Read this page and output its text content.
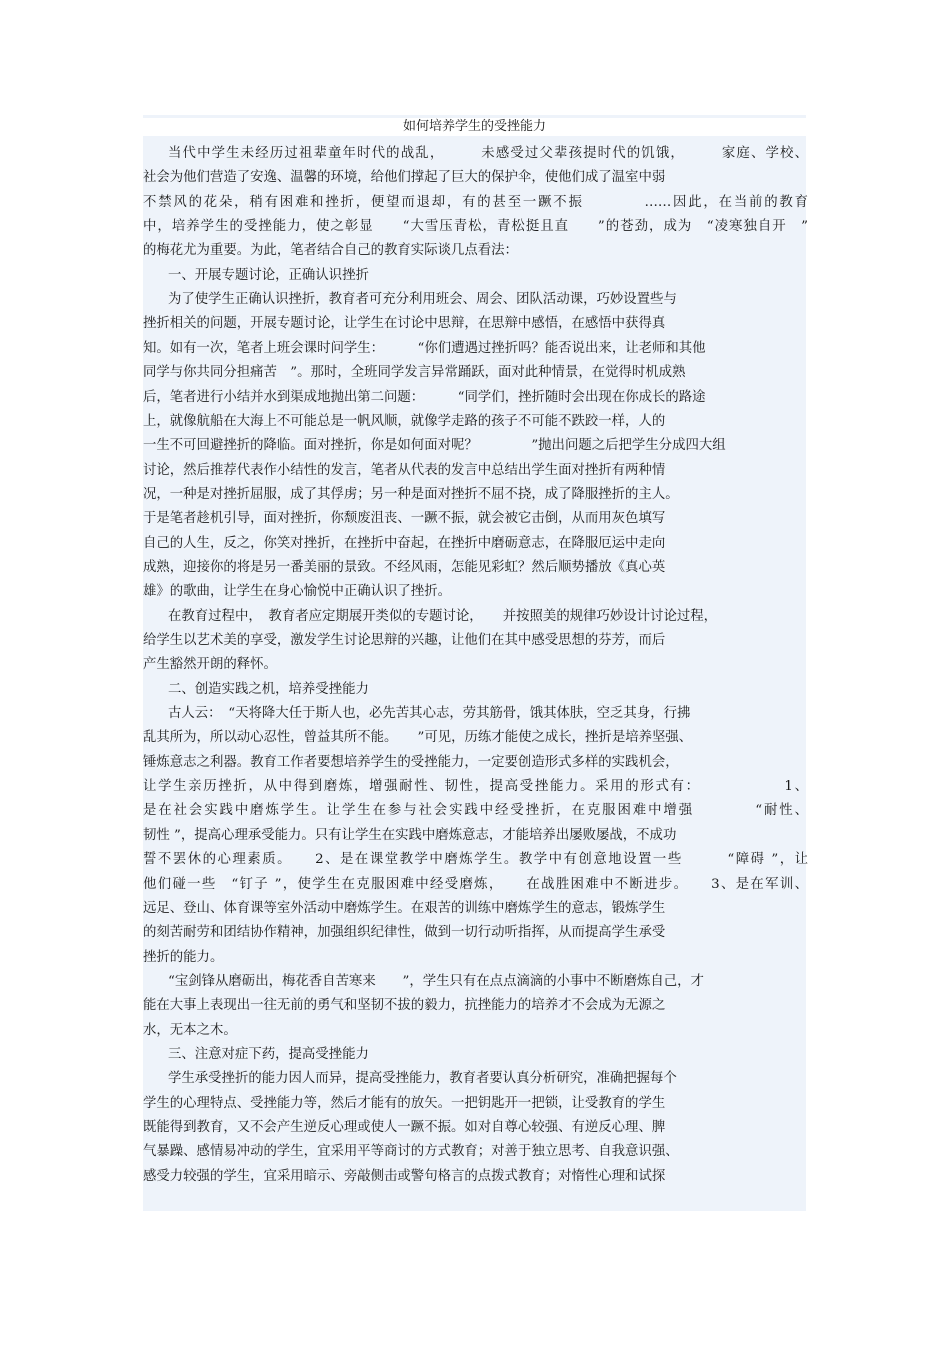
如何培养学生的受挫能力
当代中学生未经历过祖辈童年时代的战乱，　　　未感受过父辈孩提时代的饥饿，　　　家庭、学校、
社会为他们营造了安逸、温馨的环境，给他们撑起了巨大的保护伞，使他们成了温室中弱
不禁风的花朵，稍有困难和挫折，便望而退却，有的甚至一蹶不振　　　　……因此，在当前的教育
中，培养学生的受挫能力，使之彰显　　“大雪压青松，青松挺且直　　”的苍劲，成为　“凌寒独自开　”
的梅花尤为重要。为此，笔者结合自己的教育实际谈几点看法：
一、开展专题讨论，正确认识挫折
为了使学生正确认识挫折，教育者可充分利用班会、周会、团队活动课，巧妙设置些与
挫折相关的问题，开展专题讨论，让学生在讨论中思辩，在思辩中感悟，在感悟中获得真
知。如有一次，笔者上班会课时问学生：　　　“你们遭遇过挫折吗？能否说出来，让老师和其他
同学与你共同分担痛苦　”。那时，全班同学发言异常踊跃，面对此种情景，在觉得时机成熟
后，笔者进行小结并水到渠成地抛出第二问题：　　　“同学们，挫折随时会出现在你成长的路途
上，就像航船在大海上不可能总是一帆风顺，就像学走路的孩子不可能不跌跤一样，人的
一生不可回避挫折的降临。面对挫折，你是如何面对呢？　　　　”抛出问题之后把学生分成四大组
讨论，然后推荐代表作小结性的发言，笔者从代表的发言中总结出学生面对挫折有两种情
况，一种是对挫折屈服，成了其俘虏；另一种是面对挫折不屈不挠，成了降服挫折的主人。
于是笔者趁机引导，面对挫折，你颓废沮丧、一蹶不振，就会被它击倒，从而用灰色填写
自己的人生，反之，你笑对挫折，在挫折中奋起，在挫折中磨砺意志，在降服厄运中走向
成熟，迎接你的将是另一番美丽的景致。不经风雨，怎能见彩虹？然后顺势播放《真心英
雄》的歌曲，让学生在身心愉悦中正确认识了挫折。
在教育过程中，　教育者应定期展开类似的专题讨论，　　并按照美的规律巧妙设计讨论过程，
给学生以艺术美的享受，激发学生讨论思辩的兴趣，让他们在其中感受思想的芬芳，而后
产生豁然开朗的释怀。
二、创造实践之机，培养受挫能力
古人云：　“天将降大任于斯人也，必先苦其心志，劳其筋骨，饿其体肤，空乏其身，行拂
乱其所为，所以动心忍性，曾益其所不能。　　”可见，历练才能使之成长，挫折是培养坚强、
锤炼意志之利器。教育工作者要想培养学生的受挫能力，一定要创造形式多样的实践机会，
让学生亲历挫折，从中得到磨炼，增强耐性、韧性，提高受挫能力。采用的形式有：　　　　　　1、
是在社会实践中磨炼学生。让学生在参与社会实践中经受挫折，在克服困难中增强　　　　“耐性、
韧性 ”，提高心理承受能力。只有让学生在实践中磨炼意志，才能培养出屡败屡战，不成功
誓不罢休的心理素质。　　2、是在课堂教学中磨炼学生。教学中有创意地设置一些　　　“障碍 ”，让
他们碰一些　“钉子 ”，使学生在克服困难中经受磨炼，　　在战胜困难中不断进步。　　3、是在军训、
远足、登山、体育课等室外活动中磨炼学生。在艰苦的训练中磨炼学生的意志，锻炼学生
的刻苦耐劳和团结协作精神，加强组织纪律性，做到一切行动听指挥，从而提高学生承受
挫折的能力。
“宝剑锋从磨砺出，梅花香自苦寒来　　”，学生只有在点点滴滴的小事中不断磨炼自己，才
能在大事上表现出一往无前的勇气和坚韧不拔的毅力，抗挫能力的培养才不会成为无源之
水，无本之木。
三、注意对症下药，提高受挫能力
学生承受挫折的能力因人而异，提高受挫能力，教育者要认真分析研究，准确把握每个
学生的心理特点、受挫能力等，然后才能有的放矢。一把钥匙开一把锁，让受教育的学生
既能得到教育，又不会产生逆反心理或使人一蹶不振。如对自尊心较强、有逆反心理、脾
气暴躁、感情易冲动的学生，宜采用平等商讨的方式教育；对善于独立思考、自我意识强、
感受力较强的学生，宜采用暗示、旁敲侧击或警句格言的点拨式教育；对惰性心理和试探
